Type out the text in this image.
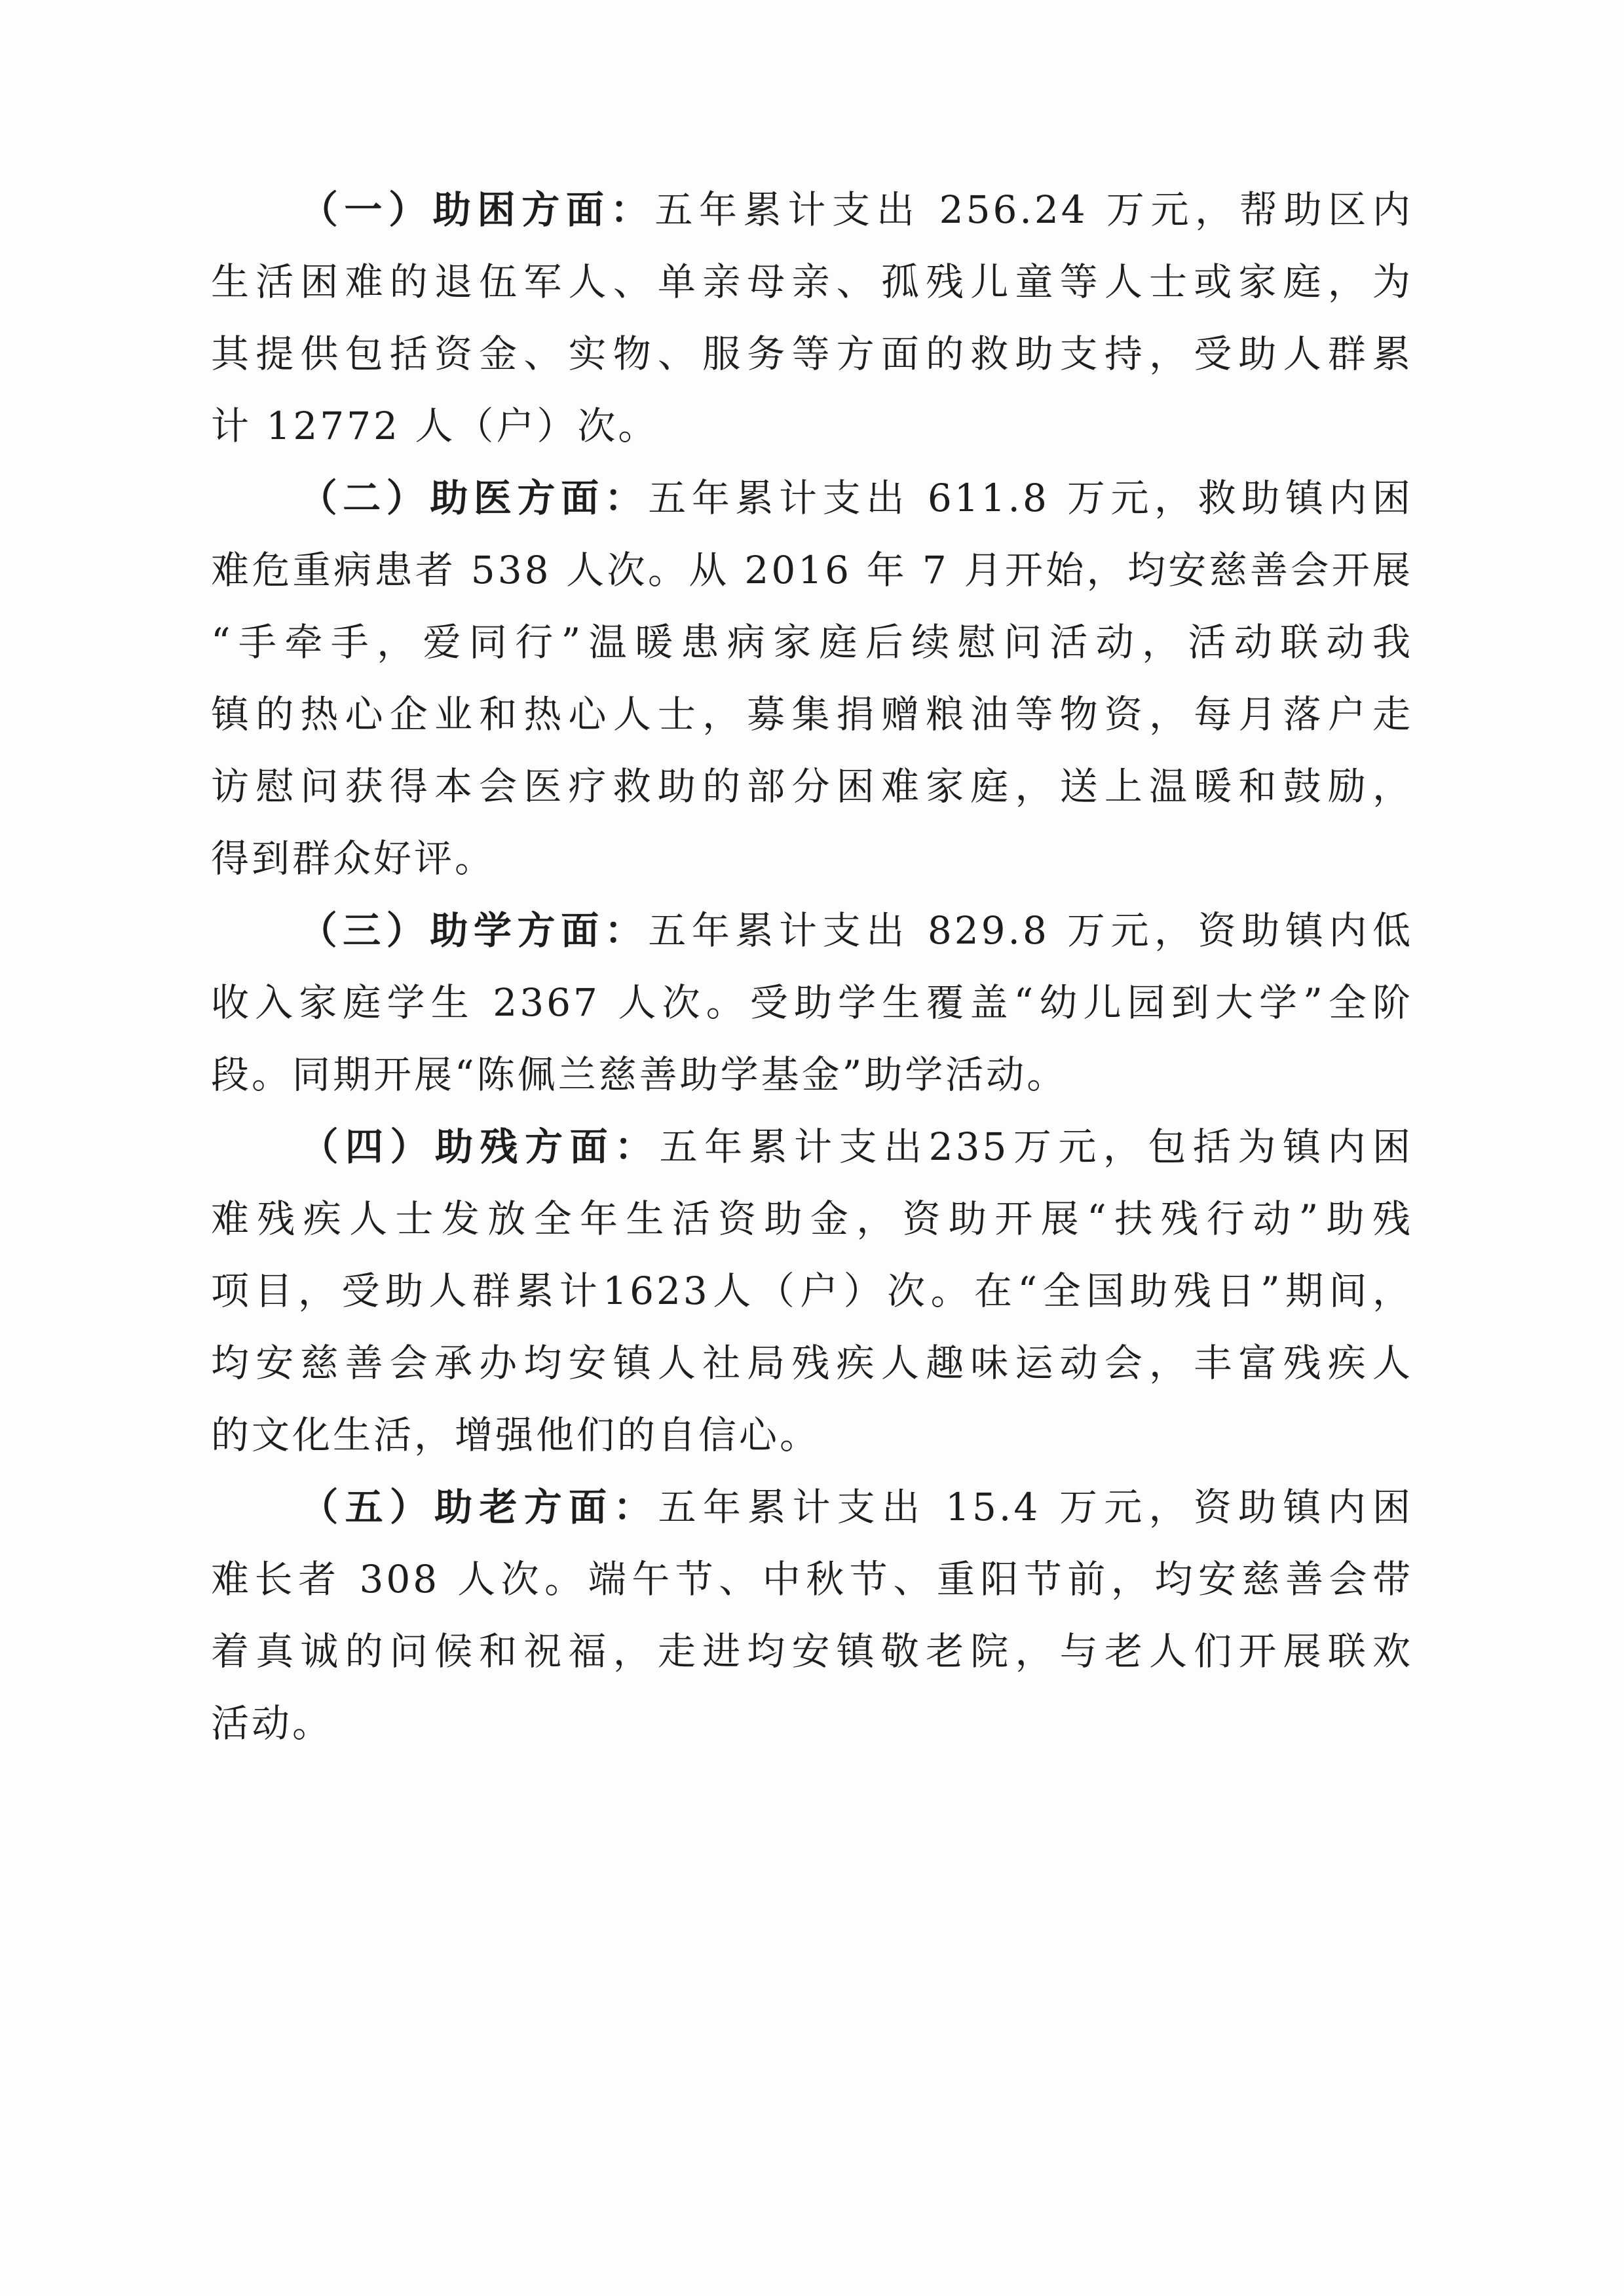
（一）助困方面：五年累计支出 256.24 万元，帮助区内
生活困难的退伍军人、单亲母亲、孤残儿童等人士或家庭，为
其提供包括资金、实物、服务等方面的救助支持，受助人群累
计 12772 人（户）次。
（二）助医方面：五年累计支出 611.8 万元，救助镇内困
难危重病患者 538 人次。从 2016 年 7 月开始，均安慈善会开展
“手牵手，爱同行”温暖患病家庭后续慰问活动，活动联动我
镇的热心企业和热心人士，募集捐赠粮油等物资，每月落户走
访慰问获得本会医疗救助的部分困难家庭，送上温暖和鼓励，
得到群众好评。
（三）助学方面：五年累计支出 829.8 万元，资助镇内低
收入家庭学生 2367 人次。受助学生覆盖“幼儿园到大学”全阶
段。同期开展“陈佩兰慈善助学基金”助学活动。
（四）助残方面：五年累计支出235万元，包括为镇内困
难残疾人士发放全年生活资助金，资助开展“扶残行动”助残
项目，受助人群累计1623人（户）次。在“全国助残日”期间，
均安慈善会承办均安镇人社局残疾人趣味运动会，丰富残疾人
的文化生活，增强他们的自信心。
（五）助老方面：五年累计支出 15.4 万元，资助镇内困
难长者 308 人次。端午节、中秋节、重阳节前，均安慈善会带
着真诚的问候和祝福，走进均安镇敬老院，与老人们开展联欢
活动。
